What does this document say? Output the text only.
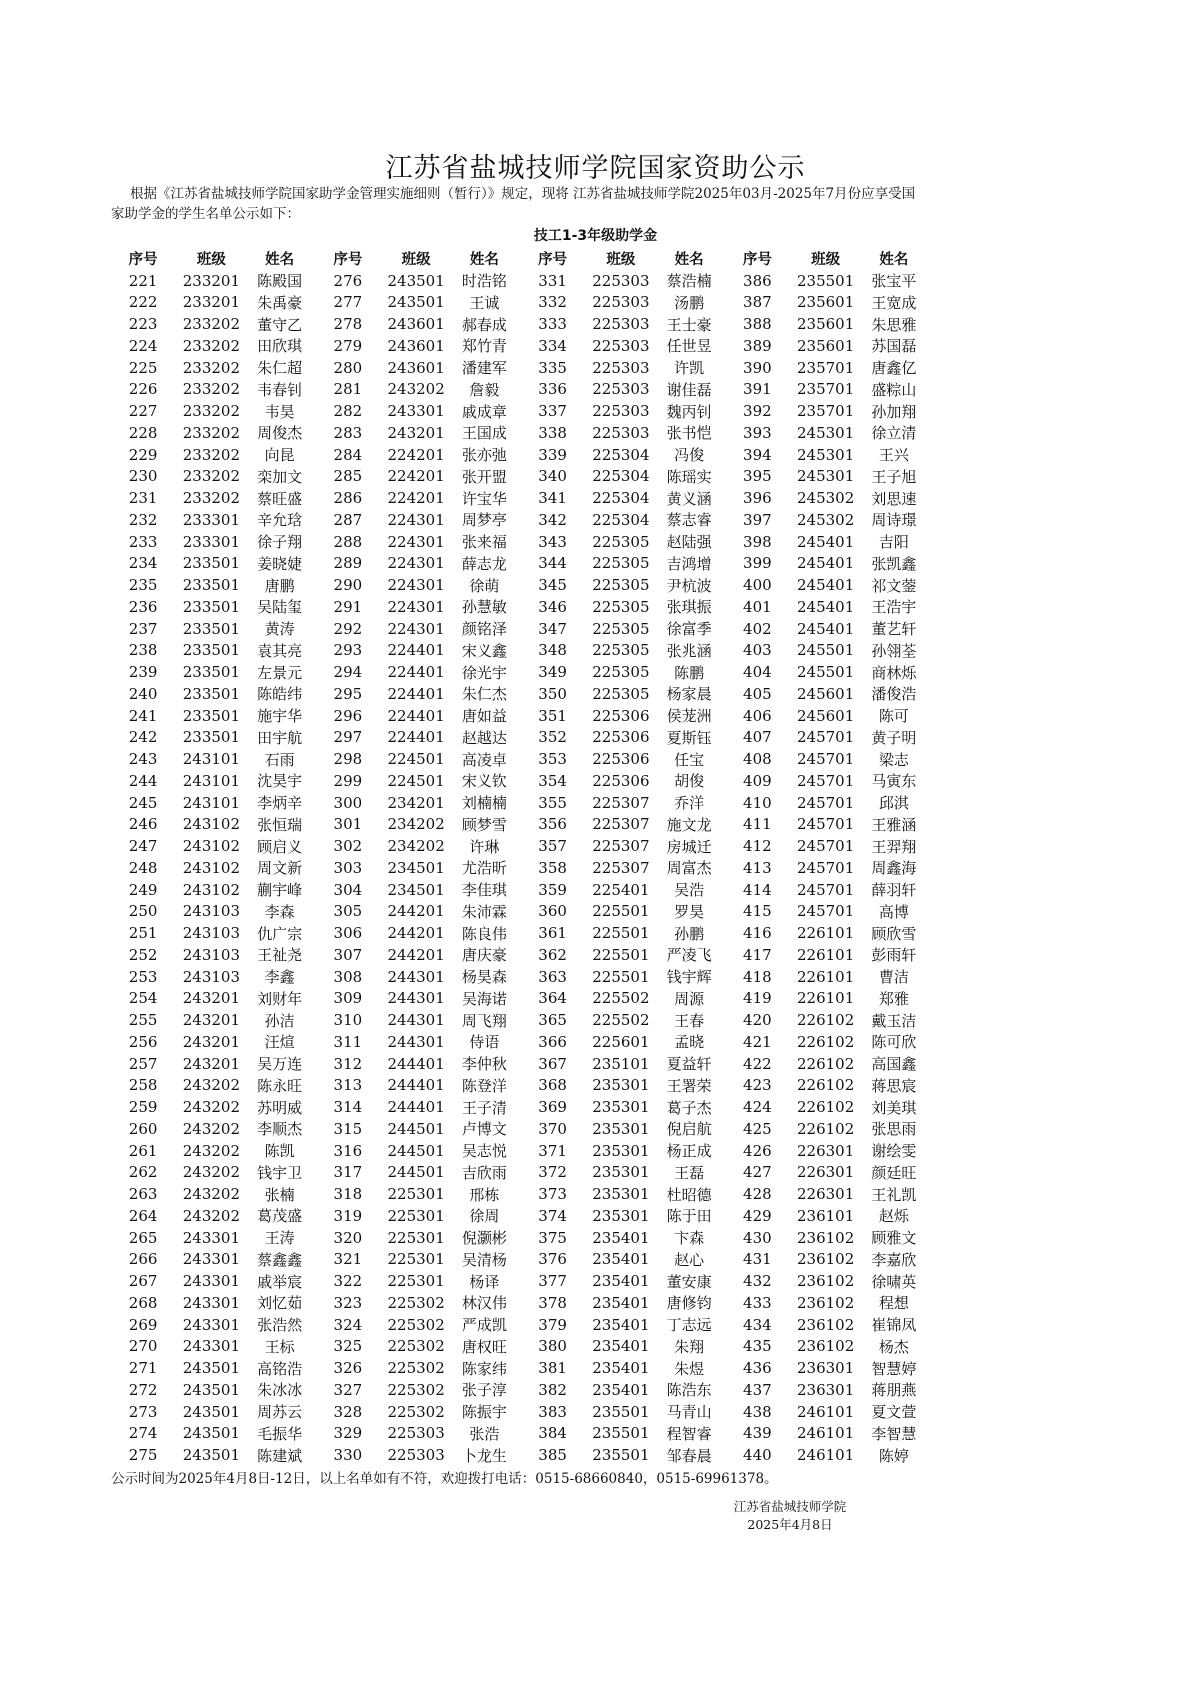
江苏省盐城技师学院国家资助公示
根据《江苏省盐城技师学院国家助学金管理实施细则（暂行）》规定，现将 江苏省盐城技师学院2025年03月-2025年7月份应享受国家助学金的学生名单公示如下：
技工1-3年级助学金
序号	班级	姓名	序号	班级	姓名	序号	班级	姓名	序号	班级	姓名
221	233201	陈殿国	276	243501	时浩铭	331	225303	蔡浩楠	386	235501	张宝平
222	233201	朱禹豪	277	243501	王诚	332	225303	汤鹏	387	235601	王宽成
223	233202	董守乙	278	243601	郝春成	333	225303	王士豪	388	235601	朱思雅
224	233202	田欣琪	279	243601	郑竹青	334	225303	任世昱	389	235601	苏国磊
225	233202	朱仁超	280	243601	潘建军	335	225303	许凯	390	235701	唐鑫亿
226	233202	韦春钊	281	243202	詹毅	336	225303	谢佳磊	391	235701	盛粽山
227	233202	韦昊	282	243301	戚成章	337	225303	魏丙钊	392	235701	孙加翔
228	233202	周俊杰	283	243201	王国成	338	225303	张书恺	393	245301	徐立清
229	233202	向昆	284	224201	张亦弛	339	225304	冯俊	394	245301	王兴
230	233202	栾加文	285	224201	张开盟	340	225304	陈瑶实	395	245301	王子旭
231	233202	蔡旺盛	286	224201	许宝华	341	225304	黄义涵	396	245302	刘思速
232	233301	辛允琀	287	224301	周梦亭	342	225304	蔡志睿	397	245302	周诗璟
233	233301	徐子翔	288	224301	张来福	343	225305	赵陆强	398	245401	吉阳
234	233501	姜晓婕	289	224301	薛志龙	344	225305	吉鸿增	399	245401	张凯鑫
235	233501	唐鹏	290	224301	徐萌	345	225305	尹杭波	400	245401	祁文蓥
236	233501	吴陆玺	291	224301	孙慧敏	346	225305	张琪振	401	245401	王浩宇
237	233501	黄涛	292	224301	颜铭泽	347	225305	徐富季	402	245401	董艺轩
238	233501	袁其亮	293	224401	宋义鑫	348	225305	张兆涵	403	245501	孙翎荃
239	233501	左景元	294	224401	徐光宇	349	225305	陈鹏	404	245501	商林烁
240	233501	陈皓纬	295	224401	朱仁杰	350	225305	杨家晨	405	245601	潘俊浩
241	233501	施宇华	296	224401	唐如益	351	225306	侯茏洲	406	245601	陈可
242	233501	田宇航	297	224401	赵越达	352	225306	夏斯钰	407	245701	黄子明
243	243101	石雨	298	224501	高凌卓	353	225306	任宝	408	245701	梁志
244	243101	沈昊宇	299	224501	宋义钦	354	225306	胡俊	409	245701	马寅东
245	243101	李炳辛	300	234201	刘楠楠	355	225307	乔洋	410	245701	邱淇
246	243102	张恒瑞	301	234202	顾梦雪	356	225307	施文龙	411	245701	王雅涵
247	243102	顾启义	302	234202	许琳	357	225307	房城迁	412	245701	王羿翔
248	243102	周文新	303	234501	尤浩昕	358	225307	周富杰	413	245701	周鑫海
249	243102	蒯宇峰	304	234501	李佳琪	359	225401	吴浩	414	245701	薛羽轩
250	243103	李森	305	244201	朱沛霖	360	225501	罗昊	415	245701	高博
251	243103	仇广宗	306	244201	陈良伟	361	225501	孙鹏	416	226101	顾欣雪
252	243103	王祉尧	307	244201	唐庆豪	362	225501	严凌飞	417	226101	彭雨轩
253	243103	李鑫	308	244301	杨昊森	363	225501	钱宇辉	418	226101	曹洁
254	243201	刘财年	309	244301	吴海诺	364	225502	周源	419	226101	郑雅
255	243201	孙洁	310	244301	周飞翔	365	225502	王春	420	226102	戴玉洁
256	243201	汪煊	311	244301	侍语	366	225601	孟晓	421	226102	陈可欣
257	243201	吴万连	312	244401	李仲秋	367	235101	夏益轩	422	226102	高国鑫
258	243202	陈永旺	313	244401	陈登洋	368	235301	王署荣	423	226102	蒋思宸
259	243202	苏明威	314	244401	王子清	369	235301	葛子杰	424	226102	刘美琪
260	243202	李顺杰	315	244501	卢博文	370	235301	倪启航	425	226102	张思雨
261	243202	陈凯	316	244501	吴志悦	371	235301	杨正成	426	226301	谢绘雯
262	243202	钱宇卫	317	244501	吉欣雨	372	235301	王磊	427	226301	颜廷旺
263	243202	张楠	318	225301	邢栋	373	235301	杜昭德	428	226301	王礼凯
264	243202	葛茂盛	319	225301	徐周	374	235301	陈于田	429	236101	赵烁
265	243301	王涛	320	225301	倪灏彬	375	235401	卞森	430	236102	顾雅文
266	243301	蔡鑫鑫	321	225301	吴清杨	376	235401	赵心	431	236102	李嘉欣
267	243301	戚举宸	322	225301	杨译	377	235401	董安康	432	236102	徐啸英
268	243301	刘忆茹	323	225302	林汉伟	378	235401	唐修钧	433	236102	程想
269	243301	张浩然	324	225302	严成凯	379	235401	丁志远	434	236102	崔锦凤
270	243301	王标	325	225302	唐权旺	380	235401	朱翔	435	236102	杨杰
271	243501	高铭浩	326	225302	陈家纬	381	235401	朱煜	436	236301	智慧婷
272	243501	朱冰冰	327	225302	张子淳	382	235401	陈浩东	437	236301	蒋朋燕
273	243501	周苏云	328	225302	陈振宇	383	235501	马青山	438	246101	夏文萱
274	243501	毛振华	329	225303	张浩	384	235501	程智睿	439	246101	李智慧
275	243501	陈建斌	330	225303	卜龙生	385	235501	邹春晨	440	246101	陈婷
公示时间为2025年4月8日-12日，以上名单如有不符，欢迎拨打电话：0515-68660840，0515-69961378。
江苏省盐城技师学院
2025年4月8日
